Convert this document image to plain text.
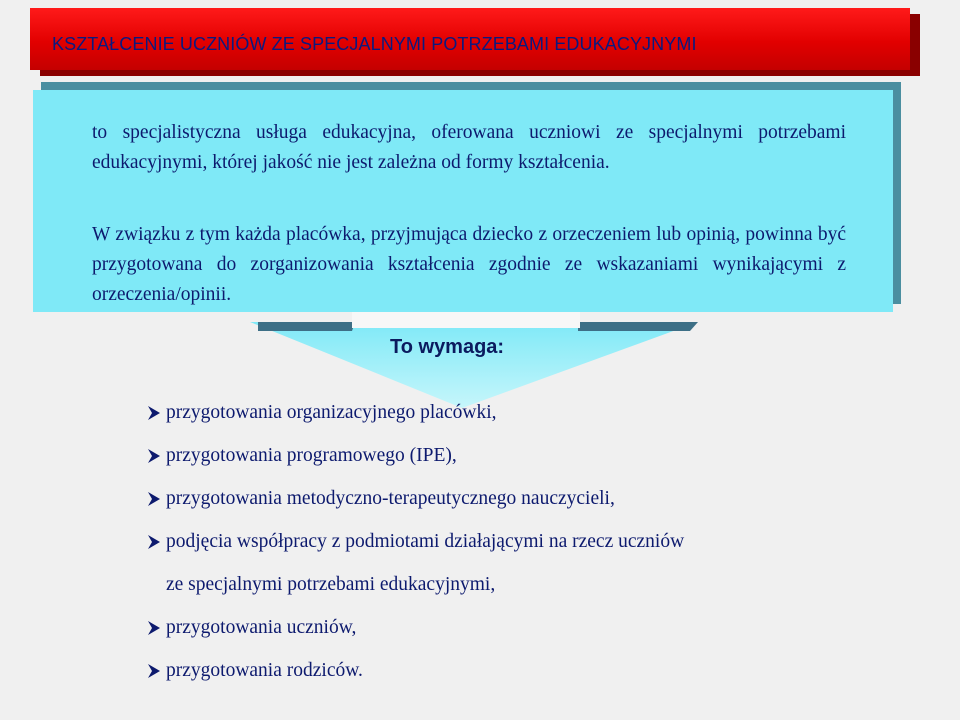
KSZTAŁCENIE UCZNIÓW ZE SPECJALNYMI POTRZEBAMI EDUKACYJNYMI
to specjalistyczna usługa edukacyjna, oferowana uczniowi ze specjalnymi potrzebami edukacyjnymi, której jakość nie jest zależna od formy kształcenia.
W związku z tym każda placówka, przyjmująca dziecko z orzeczeniem lub opinią, powinna być przygotowana do zorganizowania kształcenia zgodnie ze wskazaniami wynikającymi z orzeczenia/opinii.
To wymaga:
przygotowania organizacyjnego placówki,
przygotowania programowego (IPE),
przygotowania metodyczno-terapeutycznego nauczycieli,
podjęcia współpracy z podmiotami działającymi na rzecz uczniów
ze specjalnymi potrzebami edukacyjnymi,
przygotowania uczniów,
przygotowania rodziców.
